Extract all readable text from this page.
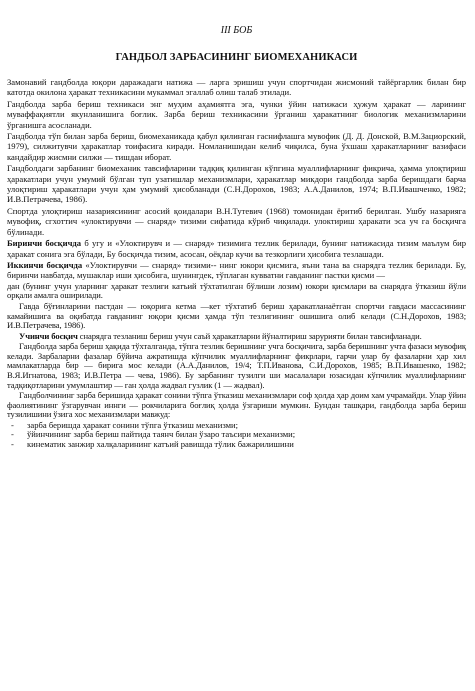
III БОБ
ГАНДБОЛ ЗАРБАСИНИНГ БИОМЕХАНИКАСИ

Замонавий гандболда юқори даражадаги натижа — ларга эришиш учун спортчидан жисмоний тайёргарлик билан бир катотда окилона ҳаракат техникасини мукаммал эгаллаб олиш талаб этилади.

Гандболда зарба бериш техникаси энг муҳим аҳамиятга эга, чунки ўйин натижаси ҳужум ҳаракат — ларининг муваффақиятли якунланишига боғлик. Зарба бериш техникасини ўрганиш ҳаракатнинг биологик механизмларини ўрганишга асосланади.

Гандболда тўп билан зарба бериш, биомеханикада қабул қилинган гаснифлашга мувофик (Д. Д. Донской, В.М.Зациорский, 1979), силжитувчи ҳаракатлар тоифасига киради. Номланишидан келиб чиқилса, буна ўхшаш ҳаракатларнинг вазифаси кандайдир жисмни силжи — тишдан иборат.

Гандболдаги зарбанинг биомеханик тавсифларини тадқиқ қилинган кўпгина муаллифларнинг фикрича, ҳамма улоқтириш ҳаракатлари учун умумий бўлган туп узатишлар механизмлари, ҳаракатлар микдори гандболда зарба беришдаги барча улоқтириш ҳаракатлари учун ҳам умумий ҳисобланади (С.Н.Дорохов, 1983; А.А.Данилов, 1974; В.П.Ивашченко, 1982; И.В.Петрачева, 1986).

Спортда улоқтириш назариясининг асосий қоидалари В.Н.Тутевич (1968) томонидан ёритиб берилган. Ушбу назарияга мувофиқ, сгхоттич «улоктирувчи — снаряд» тизими сифатида кўриб чиқилади. улоктириш ҳаракати эса уч га босқичга бўлинади.

Биринчи босқичда б угу и «Улоктирувч и — снаряд» тизимига теzлик берилади, бунинг натижасида тизим маълум бир ҳаракат сонига эга бўлади, Бу босқичда тизим, асосан, оёқлар кучи ва тезкорлиги ҳисобига тезлашади.

Иккинчи босқичда «Улоктирувчи — снаряд» тизими-- нинг юкори қисмига, яъни тана ва снарядга теzлик берилади. Бу, биринчи навбатда, мушаклар иши ҳисобига, шунингдек, тўплаган кувватни гавданинг пастки қисми —

дан (бунинг учун уларнинг ҳаракат тезлиги катъий тўхтатилган бўлиши лозим) юкори қисмлари ва снарядга ўтказиш йўли орқали амалга оширилади.

Гавда бўғинларини пастдан — юқорига кетма —кет тўхтатиб бериш ҳаракатланаётган спортчи гавдаси массасининг камайишига ва оқибатда гавданинг юқори қисми ҳамда тўп тезлигининг ошишига олиб келади (С.Н.Дорохов, 1983; И.В.Петрачева, 1986).

Учинчи босқич снарядга тезланиш бериш учун саъй ҳаракатларни йўналтириш зарурияти билан тавсифланади.

Гандболда зарба бериш ҳақида тўхталганда, тўпга тезлик беришнинг учга босқичига, зарба беришнинг учта фазаси мувофиқ келади. Зарбаларни фазалар бўйича ажратишда кўпчилик муаллифларнинг фикрлари, гарчи улар бу фазаларни ҳар хил мамлакатларда бир — бирига мос келади (А.А.Данилов, 19/4; Т.П.Иванова, С.И.Дорохов, 1985; В.П.Ивашенко, 1982; В.Я.Игнатова, 1983; И.В.Петра — чева, 1986). Бу зарбанинг тузилги ши масалалари юзасидан кўпчилик муаллифларнинг тадқиқотларини умумлаштир — ган ҳолда жадвал гузлик (1 — жадвал).

Гандболчининг зарба беришида ҳаракат сонини тўпга ўтказиш механизмлари соф ҳолда ҳар доим хам учрамайди. Улар ўйин фаолиятининг ўзгарувчан иннги — рокчиларига боғлиқ ҳолда ўзгариши мумкин. Бундан ташқари, гандболда зарба бериш тузилишини ўзига хос механизмлари мавжуд:

- зарба беришда ҳаракат сонини тўпга ўтказиш механизми;
- ўйинчининг зарба бериш пайтида таянч билан ўзаро таъсири механизми;
- кинематик занжир халқаларининг катъий равишда тўлик бажарилишини
